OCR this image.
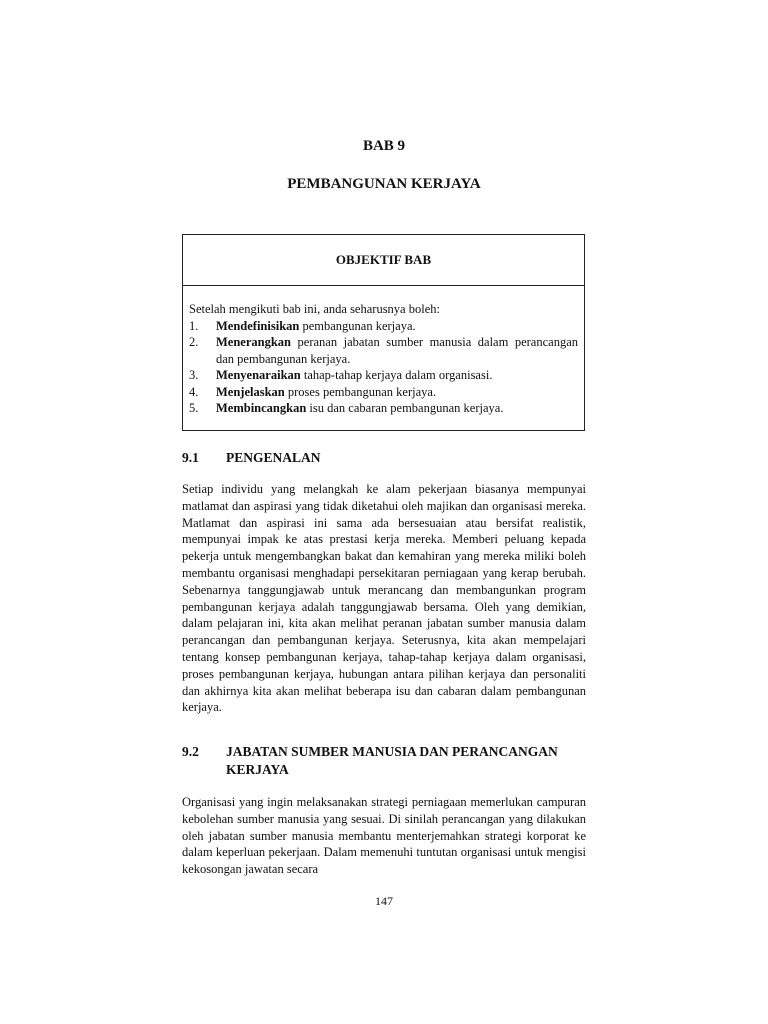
BAB 9
PEMBANGUNAN KERJAYA
OBJEKTIF BAB
Setelah mengikuti bab ini, anda seharusnya boleh:
1.	Mendefinisikan pembangunan kerjaya.
2.	Menerangkan peranan jabatan sumber manusia dalam perancangan dan pembangunan kerjaya.
3.	Menyenaraikan tahap-tahap kerjaya dalam organisasi.
4.	Menjelaskan proses pembangunan kerjaya.
5.	Membincangkan isu dan cabaran pembangunan kerjaya.
9.1	PENGENALAN

Setiap individu yang melangkah ke alam pekerjaan biasanya mempunyai matlamat dan aspirasi yang tidak diketahui oleh majikan dan organisasi mereka. Matlamat dan aspirasi ini sama ada bersesuaian atau bersifat realistik, mempunyai impak ke atas prestasi kerja mereka. Memberi peluang kepada pekerja untuk mengembangkan bakat dan kemahiran yang mereka miliki boleh membantu organisasi menghadapi persekitaran perniagaan yang kerap berubah. Sebenarnya tanggungjawab untuk merancang dan membangunkan program pembangunan kerjaya adalah tanggungjawab bersama. Oleh yang demikian, dalam pelajaran ini, kita akan melihat peranan jabatan sumber manusia dalam perancangan dan pembangunan kerjaya. Seterusnya, kita akan mempelajari tentang konsep pembangunan kerjaya, tahap-tahap kerjaya dalam organisasi, proses pembangunan kerjaya, hubungan antara pilihan kerjaya dan personaliti dan akhirnya kita akan melihat beberapa isu dan cabaran dalam pembangunan kerjaya.

9.2	JABATAN SUMBER MANUSIA DAN PERANCANGAN KERJAYA

Organisasi yang ingin melaksanakan strategi perniagaan memerlukan campuran kebolehan sumber manusia yang sesuai. Di sinilah perancangan yang dilakukan oleh jabatan sumber manusia membantu menterjemahkan strategi korporat ke dalam keperluan pekerjaan. Dalam memenuhi tuntutan organisasi untuk mengisi kekosongan jawatan secara

147
